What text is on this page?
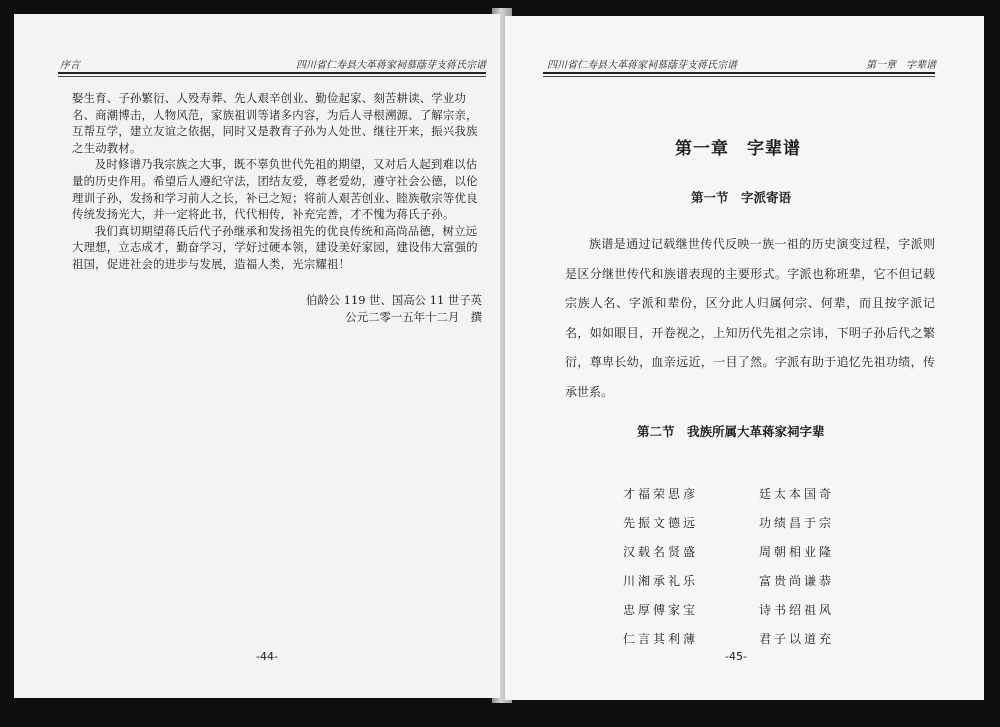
序言	四川省仁寿县大革蒋家祠慕蔭芽支蒋氏宗谱

娶生育、子孙繁衍、人殁寿葬、先人艰辛创业、勤俭起家、刻苦耕读、学业功名、商潮博击，人物风范，家族祖训等诸多内容，为后人寻根溯源、了解宗亲，互帮互学，建立友谊之依据，同时又是教育子孙为人处世、继往开来，振兴我族之生动教材。

及时修谱乃我宗族之大事，既不辜负世代先祖的期望，又对后人起到难以估量的历史作用。希望后人遵纪守法，团结友爱，尊老爱幼，遵守社会公德，以伦理训子孙，发扬和学习前人之长，补已之短；将前人艰苦创业、睦族敬宗等优良传统发扬光大，并一定将此书，代代相传，补充完善，才不愧为蒋氏子孙。

我们真切期望蒋氏后代子孙继承和发扬祖先的优良传统和高尚品德，树立远大理想，立志成才，勤奋学习，学好过硬本领，建设美好家园，建设伟大富强的祖国，促进社会的进步与发展，造福人类，光宗耀祖！

伯龄公 119 世、国高公 11 世子英
公元二零一五年十二月　撰
-44-
四川省仁寿县大革蒋家祠慕蔭芽支蒋氏宗谱	第一章　字辈谱
第一章　字辈谱
第一节　字派寄语

族谱是通过记载继世传代反映一族一祖的历史演变过程，字派则是区分继世传代和族谱表现的主要形式。字派也称班辈，它不但记载宗族人名、字派和辈份，区分此人归属何宗、何辈，而且按字派记名，如如眼目，开卷视之，上知历代先祖之宗讳，下明子孙后代之繁衍，尊卑长幼，血亲远近，一目了然。字派有助于追忆先祖功绩，传承世系。

第二节　我族所属大革蒋家祠字辈
才福荣思彦
先振文德远
汉载名贤盛
川湘承礼乐
忠厚傅家宝
仁言其利薄
廷太本国奇
功绩昌于宗
周朝相业隆
富贵尚谦恭
诗书绍祖风
君子以道充
-45-
